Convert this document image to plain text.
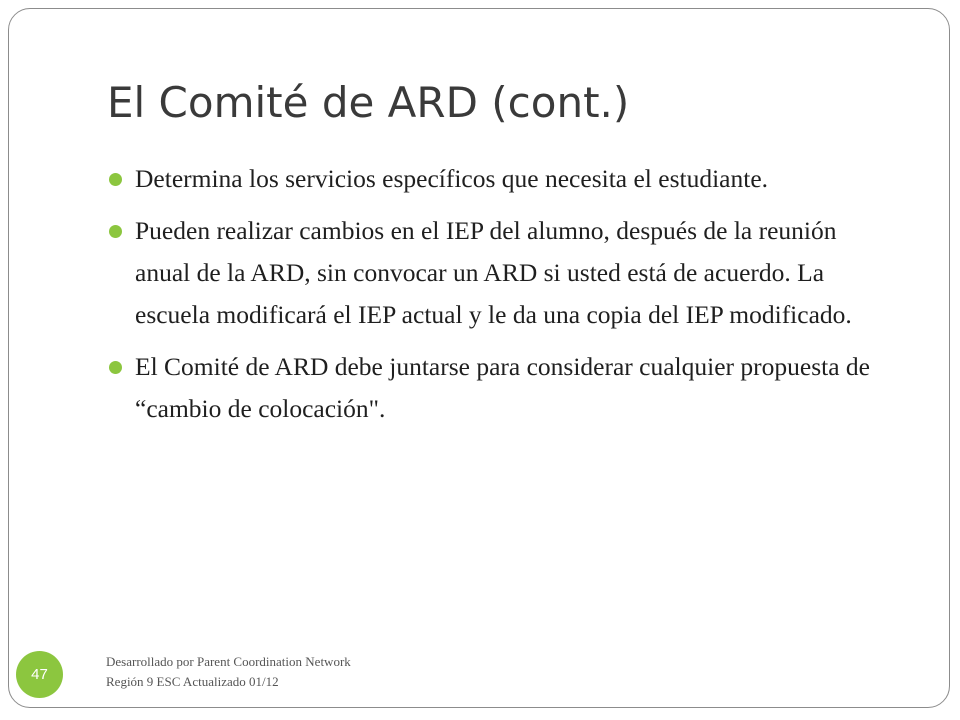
El Comité de ARD (cont.)
Determina los servicios específicos que necesita el estudiante.
Pueden realizar cambios en el IEP del alumno, después de la reunión anual de la ARD, sin convocar un ARD si usted está de acuerdo. La escuela modificará el IEP actual y le da una copia del IEP modificado.
El Comité de ARD debe juntarse para considerar cualquier propuesta de “cambio de colocación".
47
Desarrollado por Parent Coordination Network
Región 9 ESC Actualizado 01/12
